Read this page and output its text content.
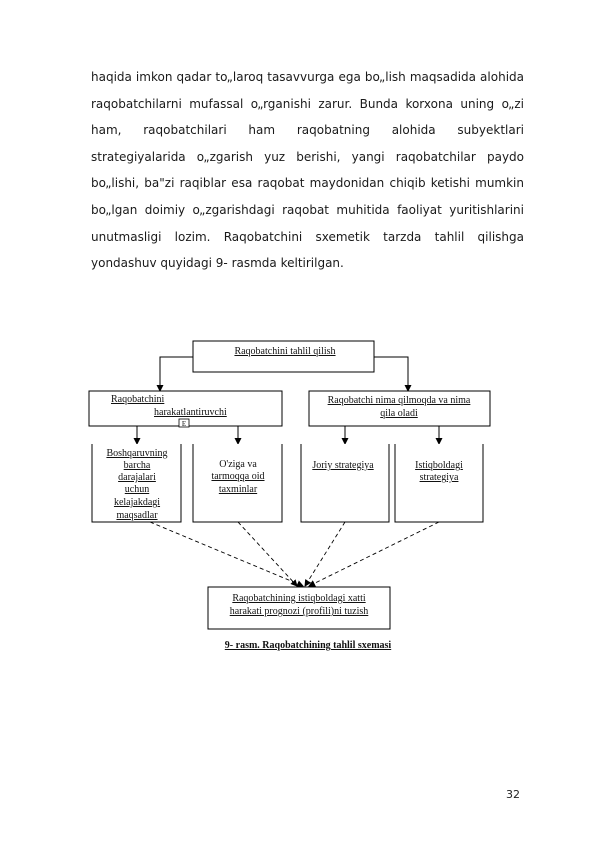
haqida imkon qadar to„laroq tasavvurga ega bo„lish maqsadida alohida
raqobatchilarni mufassal o„rganishi zarur. Bunda korxona uning o„zi
ham, raqobatchilari ham raqobatning alohida subyektlari
strategiyalarida o„zgarish yuz berishi, yangi raqobatchilar paydo
bo„lishi, ba"zi raqiblar esa raqobat maydonidan chiqib ketishi mumkin
bo„lgan doimiy o„zgarishdagi raqobat muhitida faoliyat yuritishlarini
unutmasligi lozim. Raqobatchini sxemetik tarzda tahlil qilishga
yondashuv quyidagi 9- rasmda keltirilgan.
Raqobatchini tahlil qilish
Raqobatchini
harakatlantiruvchi
E
Raqobatchi nima qilmoqda va nima
qila oladi
Boshqaruvning
barcha
darajalari
uchun
kelajakdagi
maqsadlar
O'ziga va
tarmoqqa oid
taxminlar
Joriy strategiya	Istiqboldagi
strategiya
Raqobatchining istiqboldagi xatti
harakati prognozi (profili)ni tuzish
9- rasm. Raqobatchining tahlil sxemasi
32
